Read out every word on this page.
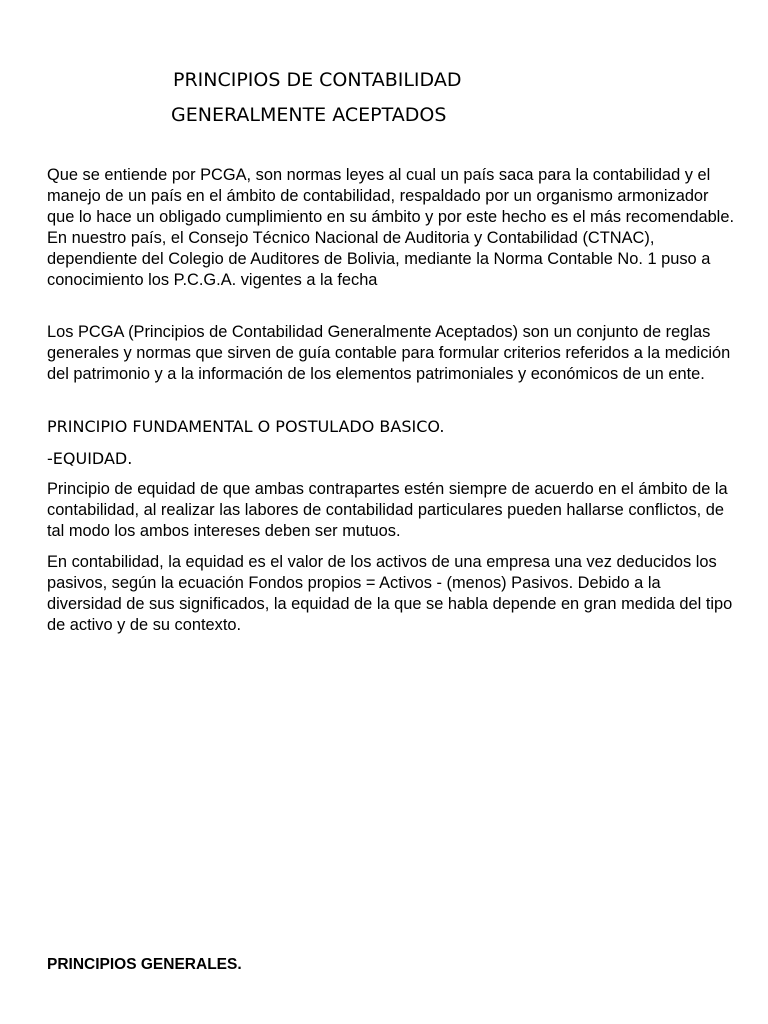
PRINCIPIOS DE CONTABILIDAD
GENERALMENTE ACEPTADOS

Que se entiende por PCGA, son normas leyes al cual un país saca para la contabilidad y el manejo de un país en el ámbito de contabilidad, respaldado por un organismo armonizador que lo hace un obligado cumplimiento en su ámbito y por este hecho es el más recomendable. En nuestro país, el Consejo Técnico Nacional de Auditoria y Contabilidad (CTNAC), dependiente del Colegio de Auditores de Bolivia, mediante la Norma Contable No. 1 puso a conocimiento los P.C.G.A. vigentes a la fecha

Los PCGA (Principios de Contabilidad Generalmente Aceptados) son un conjunto de reglas generales y normas que sirven de guía contable para formular criterios referidos a la medición del patrimonio y a la información de los elementos patrimoniales y económicos de un ente.

PRINCIPIO FUNDAMENTAL O POSTULADO BASICO.

-EQUIDAD.

Principio de equidad de que ambas contrapartes estén siempre de acuerdo en el ámbito de la contabilidad, al realizar las labores de contabilidad particulares pueden hallarse conflictos, de tal modo los ambos intereses deben ser mutuos.

En contabilidad, la equidad es el valor de los activos de una empresa una vez deducidos los pasivos, según la ecuación Fondos propios = Activos - (menos) Pasivos. Debido a la diversidad de sus significados, la equidad de la que se habla depende en gran medida del tipo de activo y de su contexto.

PRINCIPIOS GENERALES.
